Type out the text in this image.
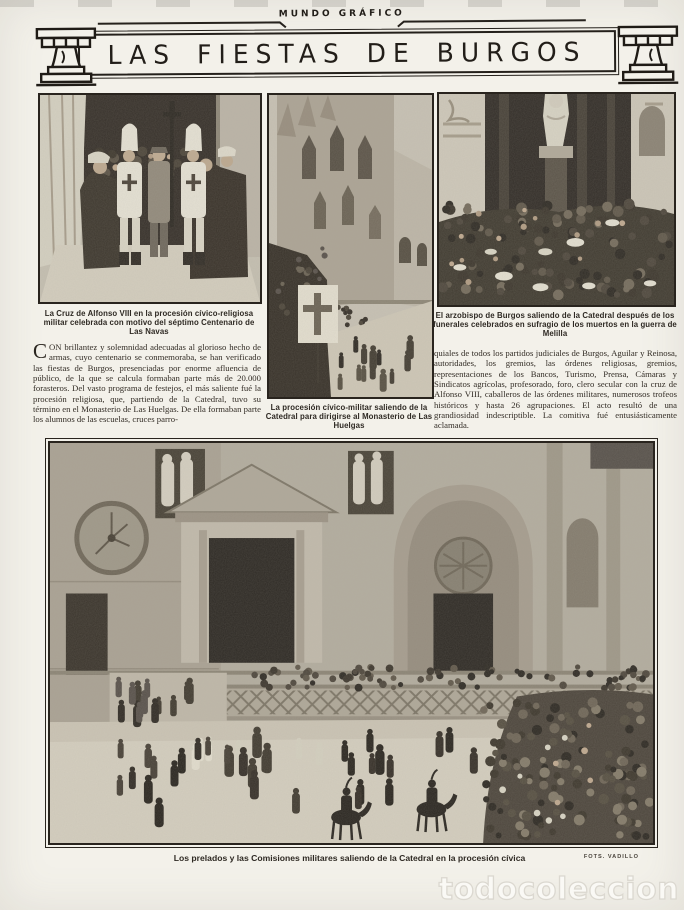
MUNDO GRÁFICO
LAS FIESTAS DE BURGOS
La Cruz de Alfonso VIII en la procesión cívico-religiosa militar celebrada con motivo del séptimo Centenario de Las Navas
La procesión cívico-militar saliendo de la Catedral para dirigirse al Monasterio de Las Huelgas
El arzobispo de Burgos saliendo de la Catedral después de los funerales celebrados en sufragio de los muertos en la guerra de Melilla
CON brillantez y solemnidad adecuadas al glorioso hecho de armas, cuyo centenario se conmemoraba, se han verificado las fiestas de Burgos, presenciadas por enorme afluencia de público, de la que se calcula formaban parte más de 20.000 forasteros. Del vasto programa de festejos, el más saliente fué la procesión religiosa, que, partiendo de la Catedral, tuvo su término en el Monasterio de Las Huelgas. De ella formaban parte los alumnos de las escuelas, cruces parro-
quiales de todos los partidos judiciales de Burgos, Aguilar y Reinosa, autoridades, los gremios, las órdenes religiosas, gremios, representaciones de los Bancos, Turismo, Prensa, Cámaras y Sindicatos agrícolas, profesorado, foro, clero secular con la cruz de Alfonso VIII, caballeros de las órdenes militares, numerosos trofeos históricos y hasta 26 agrupaciones. El acto resultó de una grandiosidad indescriptible. La comitiva fué entusiásticamente aclamada.
Los prelados y las Comisiones militares saliendo de la Catedral en la procesión cívica	FOTS. VADILLO
todocoleccion
